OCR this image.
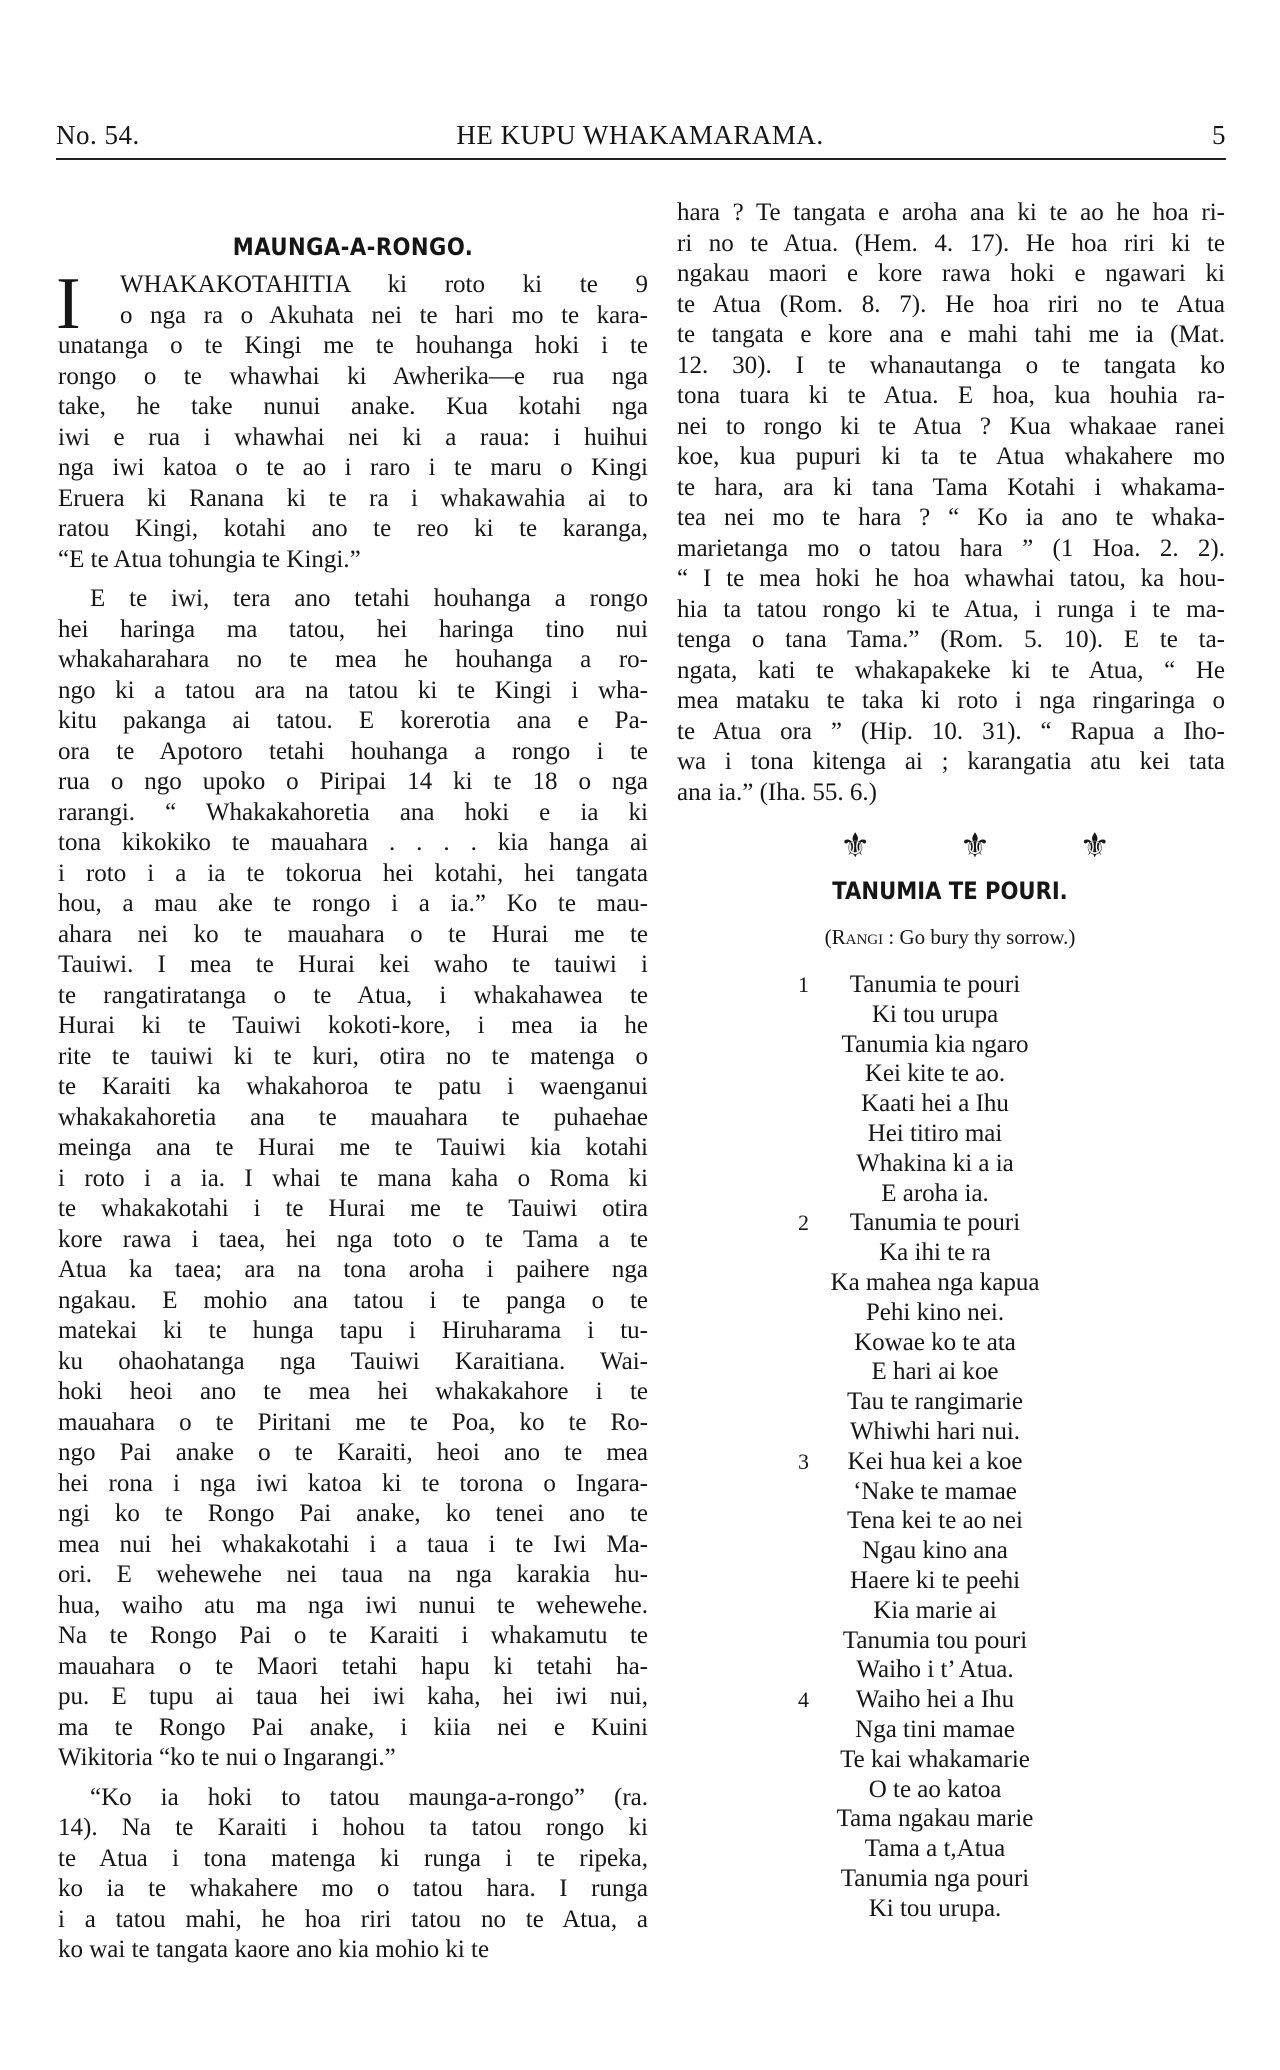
No. 54.	HE KUPU WHAKAMARAMA.	5
MAUNGA-A-RONGO.
I	WHAKAKOTAHITIA ki roto ki te 9
o nga ra o Akuhata nei te hari mo te kara-
unatanga o te Kingi me te houhanga hoki i te
rongo o te whawhai ki Awherika—e rua nga
take, he take nunui anake. Kua kotahi nga
iwi e rua i whawhai nei ki a raua: i huihui
nga iwi katoa o te ao i raro i te maru o Kingi
Eruera ki Ranana ki te ra i whakawahia ai to
ratou Kingi, kotahi ano te reo ki te karanga,
“E te Atua tohungia te Kingi.”
E te iwi, tera ano tetahi houhanga a rongo
hei haringa ma tatou, hei haringa tino nui
whakaharahara no te mea he houhanga a ro-
ngo ki a tatou ara na tatou ki te Kingi i wha-
kitu pakanga ai tatou. E korerotia ana e Pa-
ora te Apotoro tetahi houhanga a rongo i te
rua o ngo upoko o Piripai 14 ki te 18 o nga
rarangi. “ Whakakahoretia ana hoki e ia ki
tona kikokiko te mauahara . . . . kia hanga ai
i roto i a ia te tokorua hei kotahi, hei tangata
hou, a mau ake te rongo i a ia.” Ko te mau-
ahara nei ko te mauahara o te Hurai me te
Tauiwi. I mea te Hurai kei waho te tauiwi i
te rangatiratanga o te Atua, i whakahawea te
Hurai ki te Tauiwi kokoti-kore, i mea ia he
rite te tauiwi ki te kuri, otira no te matenga o
te Karaiti ka whakahoroa te patu i waenganui
whakakahoretia ana te mauahara te puhaehae
meinga ana te Hurai me te Tauiwi kia kotahi
i roto i a ia. I whai te mana kaha o Roma ki
te whakakotahi i te Hurai me te Tauiwi otira
kore rawa i taea, hei nga toto o te Tama a te
Atua ka taea; ara na tona aroha i paihere nga
ngakau. E mohio ana tatou i te panga o te
matekai ki te hunga tapu i Hiruharama i tu-
ku ohaohatanga nga Tauiwi Karaitiana. Wai-
hoki heoi ano te mea hei whakakahore i te
mauahara o te Piritani me te Poa, ko te Ro-
ngo Pai anake o te Karaiti, heoi ano te mea
hei rona i nga iwi katoa ki te torona o Ingara-
ngi ko te Rongo Pai anake, ko tenei ano te
mea nui hei whakakotahi i a taua i te Iwi Ma-
ori. E wehewehe nei taua na nga karakia hu-
hua, waiho atu ma nga iwi nunui te wehewehe.
Na te Rongo Pai o te Karaiti i whakamutu te
mauahara o te Maori tetahi hapu ki tetahi ha-
pu. E tupu ai taua hei iwi kaha, hei iwi nui,
ma te Rongo Pai anake, i kiia nei e Kuini
Wikitoria “ko te nui o Ingarangi.”
“Ko ia hoki to tatou maunga-a-rongo” (ra.
14). Na te Karaiti i hohou ta tatou rongo ki
te Atua i tona matenga ki runga i te ripeka,
ko ia te whakahere mo o tatou hara. I runga
i a tatou mahi, he hoa riri tatou no te Atua, a
ko wai te tangata kaore ano kia mohio ki te
hara ? Te tangata e aroha ana ki te ao he hoa ri-
ri no te Atua. (Hem. 4. 17). He hoa riri ki te
ngakau maori e kore rawa hoki e ngawari ki
te Atua (Rom. 8. 7). He hoa riri no te Atua
te tangata e kore ana e mahi tahi me ia (Mat.
12. 30). I te whanautanga o te tangata ko
tona tuara ki te Atua. E hoa, kua houhia ra-
nei to rongo ki te Atua ? Kua whakaae ranei
koe, kua pupuri ki ta te Atua whakahere mo
te hara, ara ki tana Tama Kotahi i whakama-
tea nei mo te hara ? “ Ko ia ano te whaka-
marietanga mo o tatou hara ” (1 Hoa. 2. 2).
“ I te mea hoki he hoa whawhai tatou, ka hou-
hia ta tatou rongo ki te Atua, i runga i te ma-
tenga o tana Tama.” (Rom. 5. 10). E te ta-
ngata, kati te whakapakeke ki te Atua, “ He
mea mataku te taka ki roto i nga ringaringa o
te Atua ora ” (Hip. 10. 31). “ Rapua a Iho-
wa i tona kitenga ai ; karangatia atu kei tata
ana ia.” (Iha. 55. 6.)
⚜	⚜	⚜
TANUMIA TE POURI.
(Rangi : Go bury thy sorrow.)
1 Tanumia te pouri
Ki tou urupa
Tanumia kia ngaro
Kei kite te ao.
Kaati hei a Ihu
Hei titiro mai
Whakina ki a ia
E aroha ia.
2 Tanumia te pouri
Ka ihi te ra
Ka mahea nga kapua
Pehi kino nei.
Kowae ko te ata
E hari ai koe
Tau te rangimarie
Whiwhi hari nui.
3 Kei hua kei a koe
‘Nake te mamae
Tena kei te ao nei
Ngau kino ana
Haere ki te peehi
Kia marie ai
Tanumia tou pouri
Waiho i t’ Atua.
4 Waiho hei a Ihu
Nga tini mamae
Te kai whakamarie
O te ao katoa
Tama ngakau marie
Tama a t,Atua
Tanumia nga pouri
Ki tou urupa.
